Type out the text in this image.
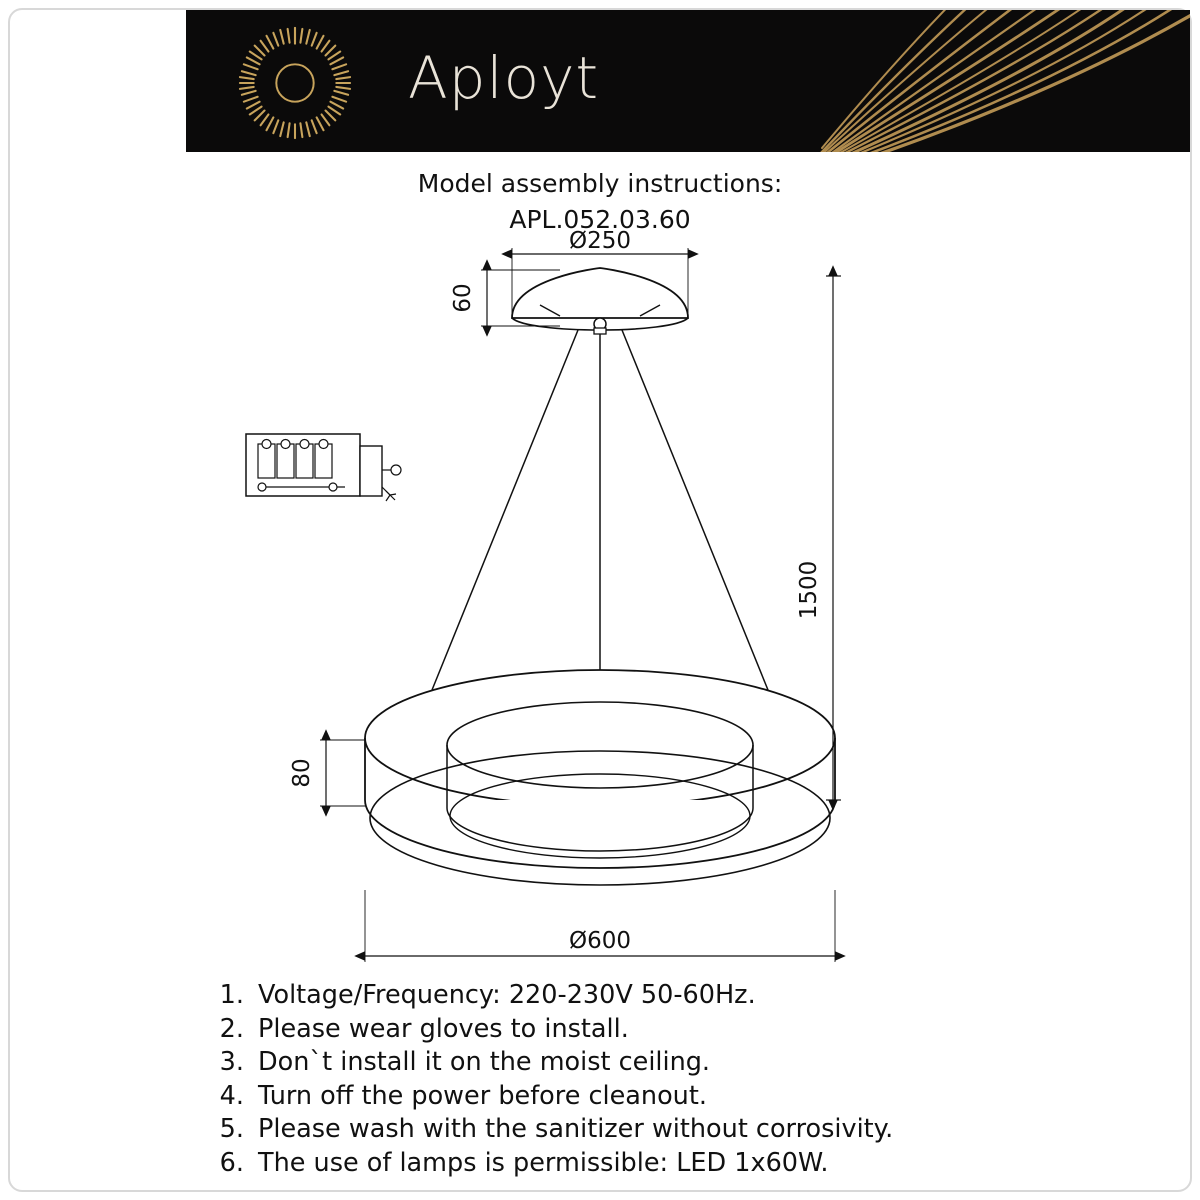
Aployt
Model assembly instructions:
APL.052.03.60
Ø250
60
1500
80
Ø600
1. Voltage/Frequency: 220-230V 50-60Hz.
2. Please wear gloves to install.
3. Don`t install it on the moist ceiling.
4. Turn off the power before cleanout.
5. Please wash with the sanitizer without corrosivity.
6. The use of lamps is permissible: LED 1x60W.
